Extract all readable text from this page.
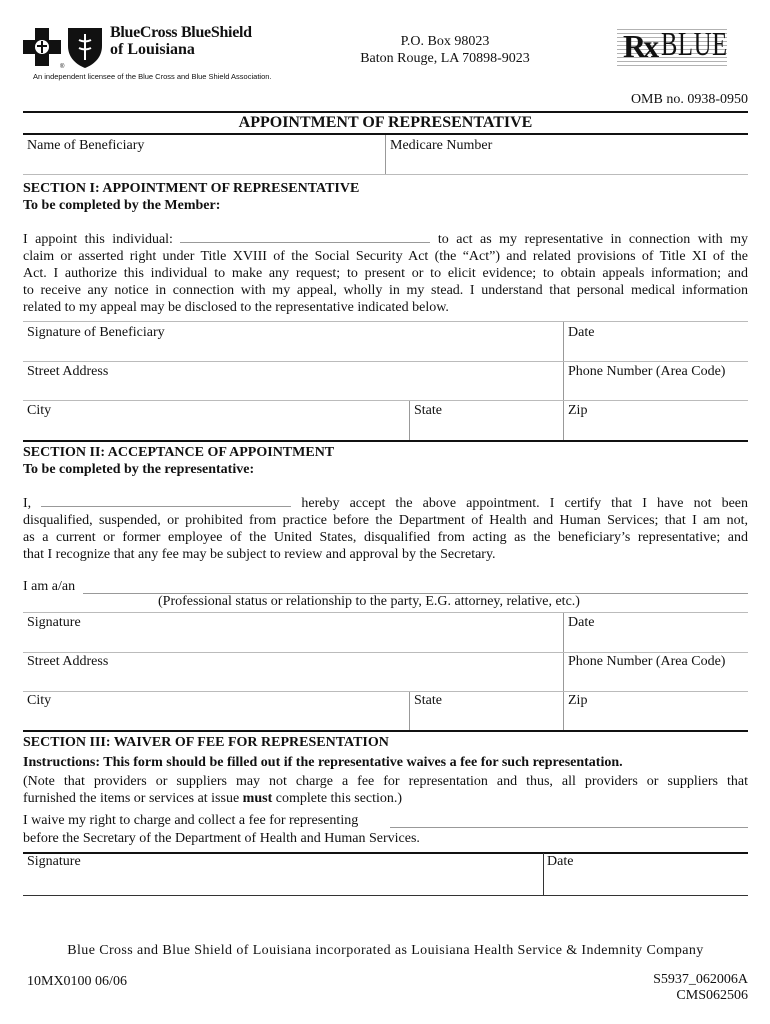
®
BlueCross BlueShield
of Louisiana
An independent licensee of the Blue Cross and Blue Shield Association.
P.O. Box 98023
Baton Rouge, LA 70898-9023	Rx BLUE
OMB no. 0938-0950
APPOINTMENT OF REPRESENTATIVE
Name of Beneficiary	Medicare Number
SECTION I: APPOINTMENT OF REPRESENTATIVE
To be completed by the Member:
I appoint this individual:	to act as my representative in connection with my
claim or asserted right under Title XVIII of the Social Security Act (the “Act”) and related provisions of Title XI of the
Act. I authorize this individual to make any request; to present or to elicit evidence; to obtain appeals information; and
to receive any notice in connection with my appeal, wholly in my stead. I understand that personal medical information
related to my appeal may be disclosed to the representative indicated below.
Signature of Beneficiary	Date
Street Address	Phone Number (Area Code)
City	State	Zip
SECTION II: ACCEPTANCE OF APPOINTMENT
To be completed by the representative:
I,	hereby accept the above appointment. I certify that I have not been
disqualified, suspended, or prohibited from practice before the Department of Health and Human Services; that I am not,
as a current or former employee of the United States, disqualified from acting as the beneficiary’s representative; and
that I recognize that any fee may be subject to review and approval by the Secretary.
I am a/an
(Professional status or relationship to the party, E.G. attorney, relative, etc.)
Signature	Date
Street Address	Phone Number (Area Code)
City	State	Zip
SECTION III: WAIVER OF FEE FOR REPRESENTATION
Instructions: This form should be filled out if the representative waives a fee for such representation.
(Note that providers or suppliers may not charge a fee for representation and thus, all providers or suppliers that
furnished the items or services at issue must complete this section.)
I waive my right to charge and collect a fee for representing
before the Secretary of the Department of Health and Human Services.
Signature	Date
Blue Cross and Blue Shield of Louisiana incorporated as Louisiana Health Service & Indemnity Company
10MX0100 06/06	S5937_062006A
CMS062506
